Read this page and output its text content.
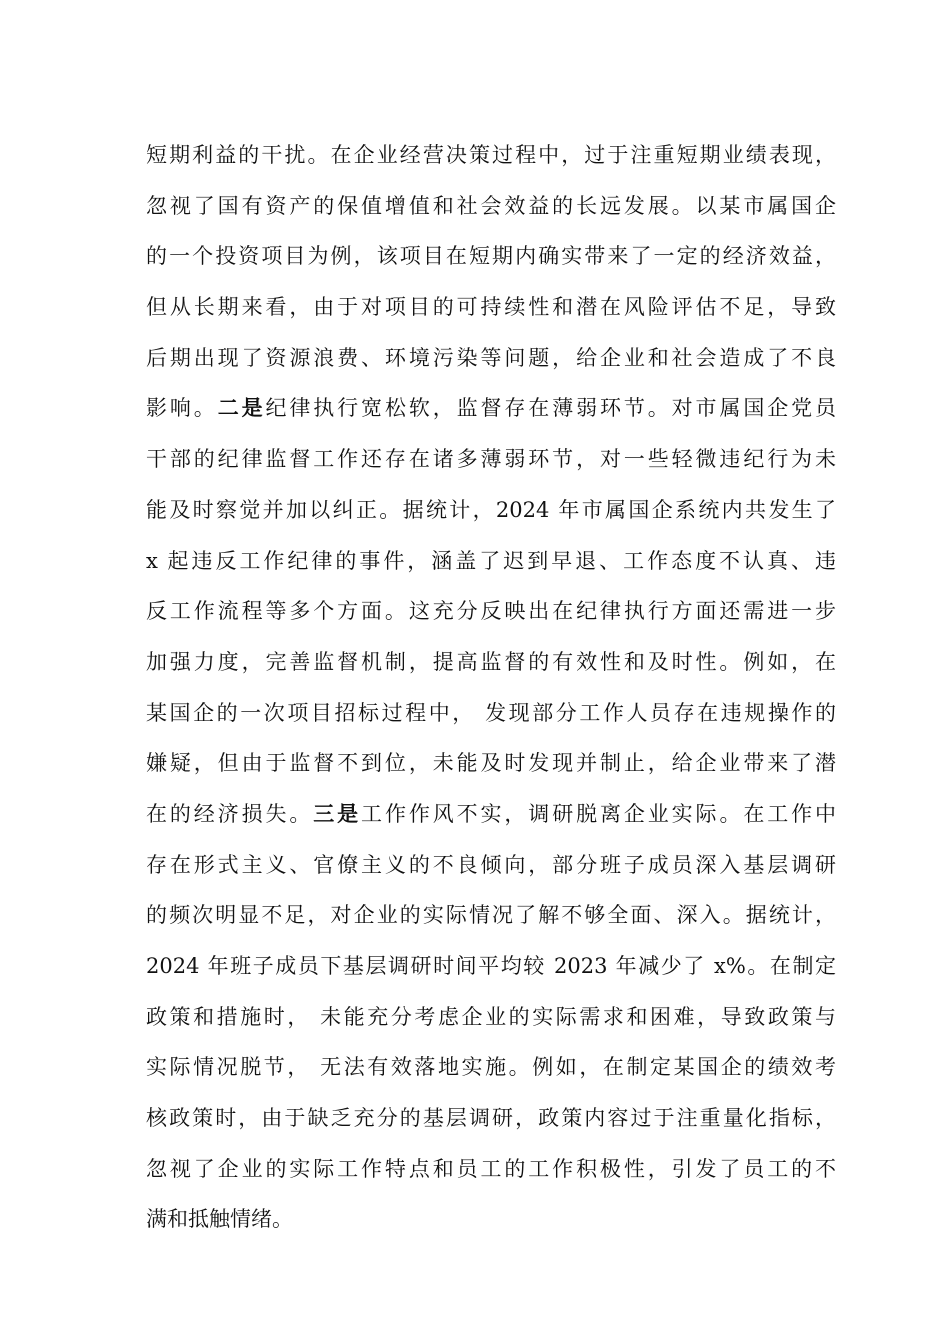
短期利益的干扰。在企业经营决策过程中，过于注重短期业绩表现，
忽视了国有资产的保值增值和社会效益的长远发展。以某市属国企
的一个投资项目为例，该项目在短期内确实带来了一定的经济效益，
但从长期来看，由于对项目的可持续性和潜在风险评估不足，导致
后期出现了资源浪费、环境污染等问题，给企业和社会造成了不良
影响。二是纪律执行宽松软，监督存在薄弱环节。对市属国企党员
干部的纪律监督工作还存在诸多薄弱环节，对一些轻微违纪行为未
能及时察觉并加以纠正。据统计，2024 年市属国企系统内共发生了
x 起违反工作纪律的事件，涵盖了迟到早退、工作态度不认真、违
反工作流程等多个方面。这充分反映出在纪律执行方面还需进一步
加强力度，完善监督机制，提高监督的有效性和及时性。例如，在
某国企的一次项目招标过程中， 发现部分工作人员存在违规操作的
嫌疑，但由于监督不到位，未能及时发现并制止，给企业带来了潜
在的经济损失。三是工作作风不实，调研脱离企业实际。在工作中
存在形式主义、官僚主义的不良倾向，部分班子成员深入基层调研
的频次明显不足，对企业的实际情况了解不够全面、深入。据统计，
2024 年班子成员下基层调研时间平均较 2023 年减少了 x%。在制定
政策和措施时， 未能充分考虑企业的实际需求和困难，导致政策与
实际情况脱节， 无法有效落地实施。例如，在制定某国企的绩效考
核政策时，由于缺乏充分的基层调研，政策内容过于注重量化指标，
忽视了企业的实际工作特点和员工的工作积极性，引发了员工的不
满和抵触情绪。
